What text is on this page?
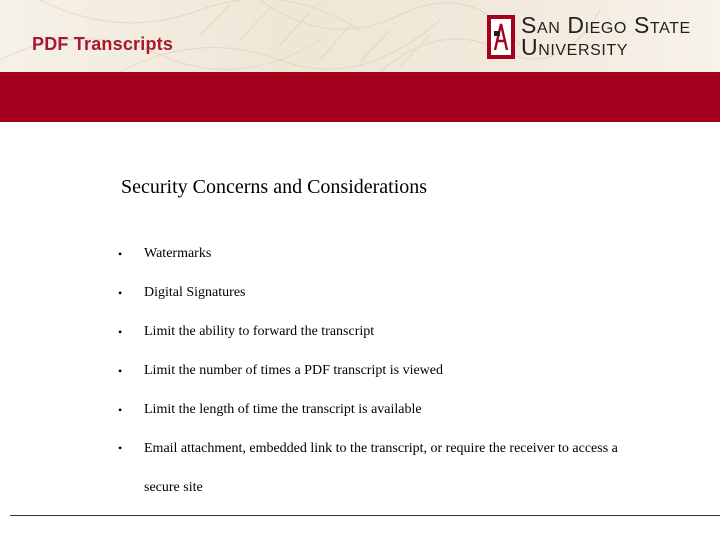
PDF Transcripts
San Diego State
University
Security Concerns and Considerations
• Watermarks
• Digital Signatures
• Limit the ability to forward the transcript
• Limit the number of times a PDF transcript is viewed
• Limit the length of time the transcript is available
• Email attachment, embedded link to the transcript, or require the receiver to access a secure site
